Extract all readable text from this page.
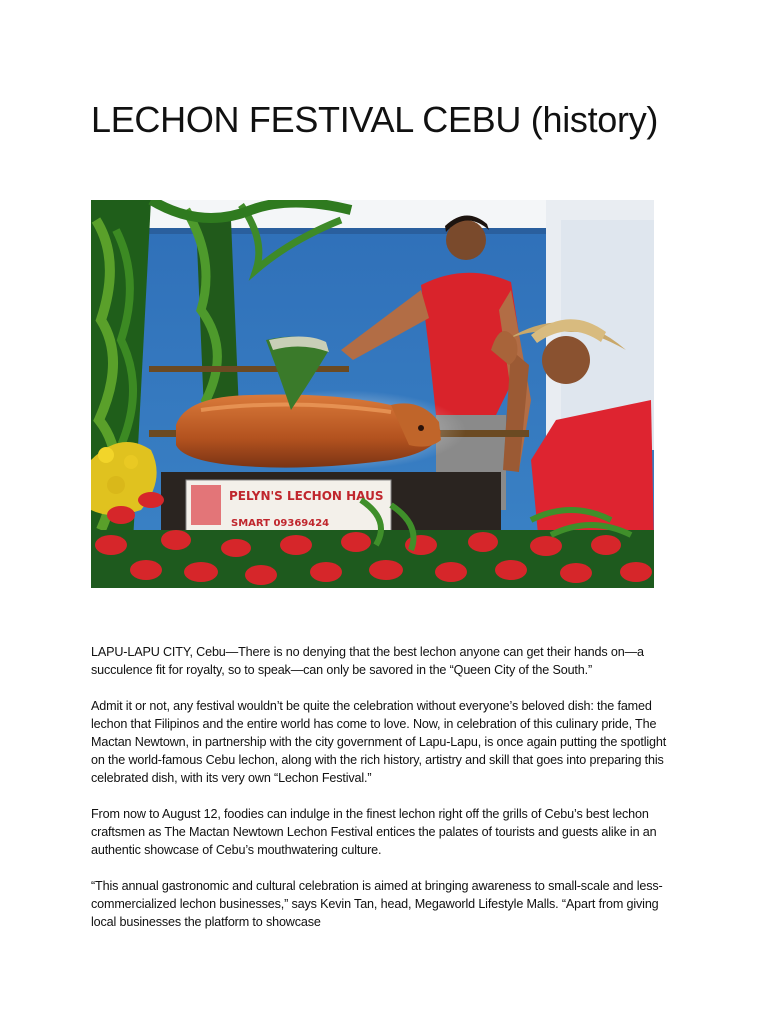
LECHON FESTIVAL CEBU (history)
PELYN'S LECHON HAUS
SMART 09369424

LAPU-LAPU CITY, Cebu—There is no denying that the best lechon anyone can get their hands on—a succulence fit for royalty, so to speak—can only be savored in the “Queen City of the South.”

Admit it or not, any festival wouldn’t be quite the celebration without everyone’s beloved dish: the famed lechon that Filipinos and the entire world has come to love. Now, in celebration of this culinary pride, The Mactan Newtown, in partnership with the city government of Lapu-Lapu, is once again putting the spotlight on the world-famous Cebu lechon, along with the rich history, artistry and skill that goes into preparing this celebrated dish, with its very own “Lechon Festival.”

From now to August 12, foodies can indulge in the finest lechon right off the grills of Cebu’s best lechon craftsmen as The Mactan Newtown Lechon Festival entices the palates of tourists and guests alike in an authentic showcase of Cebu’s mouthwatering culture.

“This annual gastronomic and cultural celebration is aimed at bringing awareness to small-scale and less-commercialized lechon businesses,” says Kevin Tan, head, Megaworld Lifestyle Malls. “Apart from giving local businesses the platform to showcase
